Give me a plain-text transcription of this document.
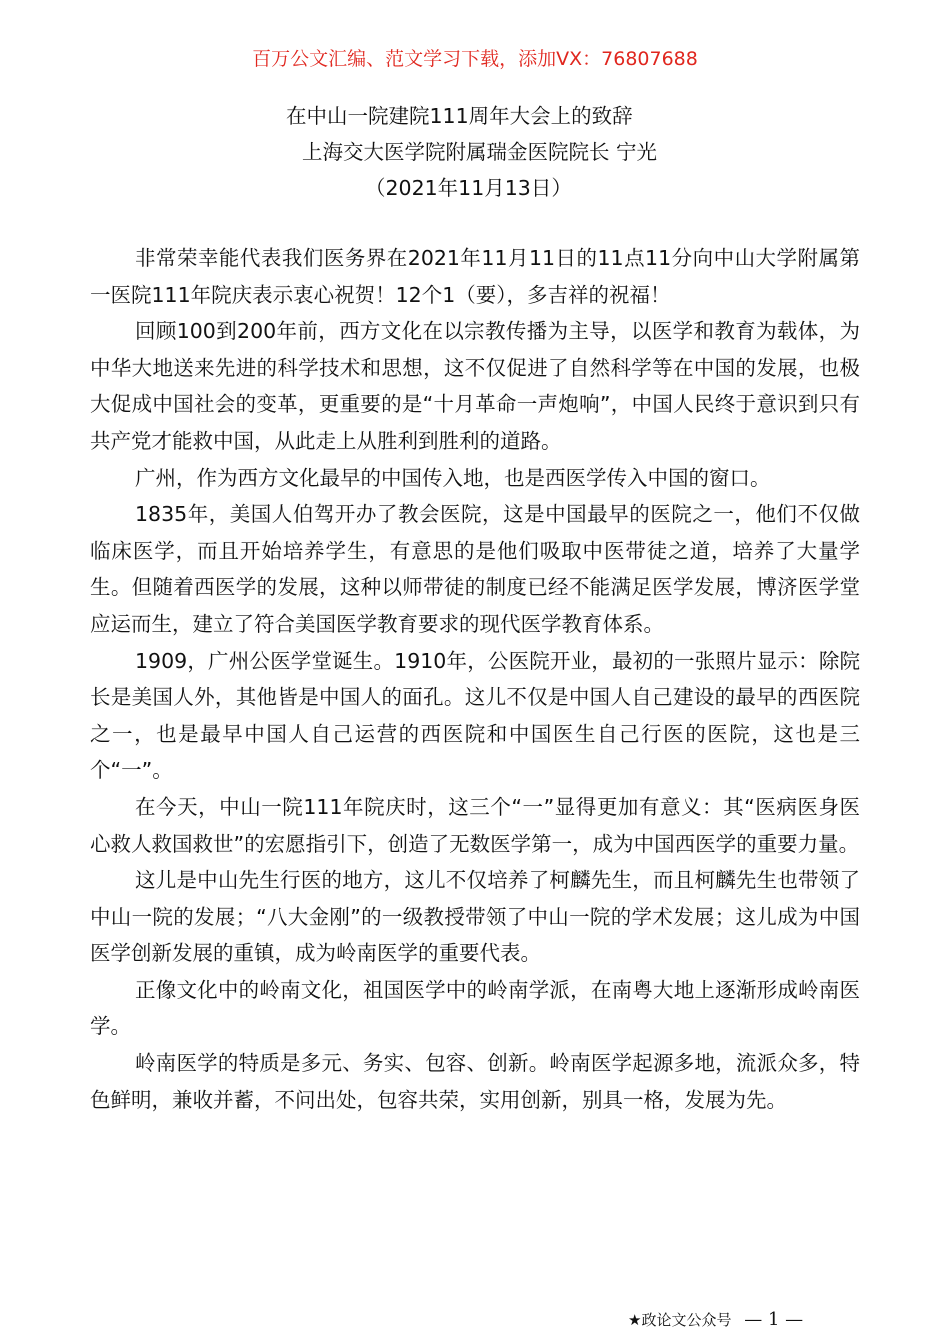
百万公文汇编、范文学习下载，添加VX：76807688
在中山一院建院111周年大会上的致辞
上海交大医学院附属瑞金医院院长 宁光
（2021年11月13日）

非常荣幸能代表我们医务界在2021年11月11日的11点11分向中山大学附属第一医院111年院庆表示衷心祝贺！12个1（要），多吉祥的祝福！

回顾100到200年前，西方文化在以宗教传播为主导，以医学和教育为载体，为中华大地送来先进的科学技术和思想，这不仅促进了自然科学等在中国的发展，也极大促成中国社会的变革，更重要的是“十月革命一声炮响”，中国人民终于意识到只有共产党才能救中国，从此走上从胜利到胜利的道路。

广州，作为西方文化最早的中国传入地，也是西医学传入中国的窗口。

1835年，美国人伯驾开办了教会医院，这是中国最早的医院之一，他们不仅做临床医学，而且开始培养学生，有意思的是他们吸取中医带徒之道，培养了大量学生。但随着西医学的发展，这种以师带徒的制度已经不能满足医学发展，博济医学堂应运而生，建立了符合美国医学教育要求的现代医学教育体系。

1909，广州公医学堂诞生。1910年，公医院开业，最初的一张照片显示：除院长是美国人外，其他皆是中国人的面孔。这儿不仅是中国人自己建设的最早的西医院之一，也是最早中国人自己运营的西医院和中国医生自己行医的医院，这也是三个“一”。

在今天，中山一院111年院庆时，这三个“一”显得更加有意义：其“医病医身医心救人救国救世”的宏愿指引下，创造了无数医学第一，成为中国西医学的重要力量。

这儿是中山先生行医的地方，这儿不仅培养了柯麟先生，而且柯麟先生也带领了中山一院的发展；“八大金刚”的一级教授带领了中山一院的学术发展；这儿成为中国医学创新发展的重镇，成为岭南医学的重要代表。

正像文化中的岭南文化，祖国医学中的岭南学派，在南粤大地上逐渐形成岭南医学。

岭南医学的特质是多元、务实、包容、创新。岭南医学起源多地，流派众多，特色鲜明，兼收并蓄，不问出处，包容共荣，实用创新，别具一格，发展为先。

★政论文公众号 — 1 —
